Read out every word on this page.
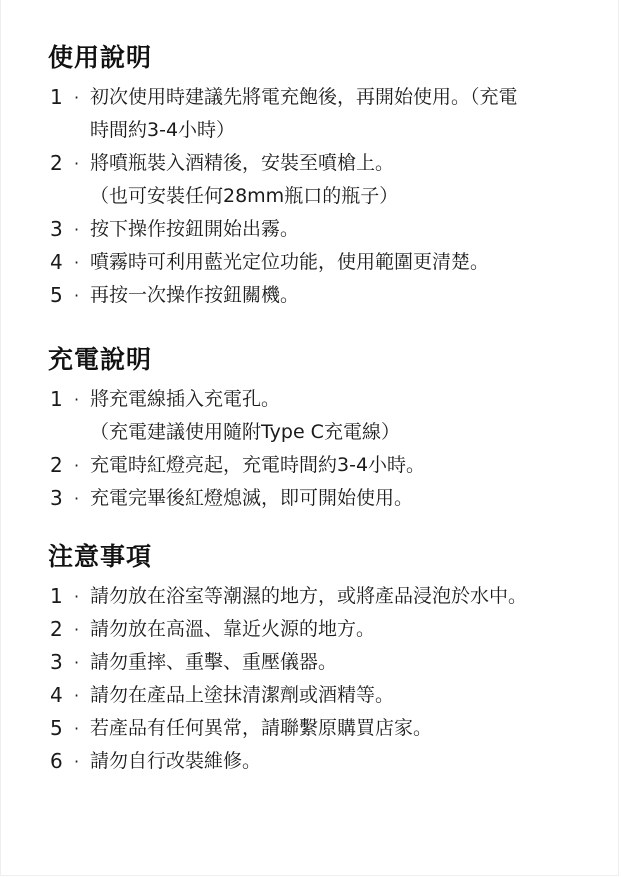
使用說明
1 · 初次使用時建議先將電充飽後，再開始使用。（充電
時間約3-4小時）
2 · 將噴瓶裝入酒精後，安裝至噴槍上。
（也可安裝任何28mm瓶口的瓶子）
3 · 按下操作按鈕開始出霧。
4 · 噴霧時可利用藍光定位功能，使用範圍更清楚。
5 · 再按一次操作按鈕關機。
充電說明
1 · 將充電線插入充電孔。
（充電建議使用隨附Type C充電線）
2 · 充電時紅燈亮起，充電時間約3-4小時。
3 · 充電完畢後紅燈熄滅，即可開始使用。
注意事項
1 · 請勿放在浴室等潮濕的地方，或將產品浸泡於水中。
2 · 請勿放在高溫、靠近火源的地方。
3 · 請勿重摔、重擊、重壓儀器。
4 · 請勿在產品上塗抹清潔劑或酒精等。
5 · 若產品有任何異常，請聯繫原購買店家。
6 · 請勿自行改裝維修。
